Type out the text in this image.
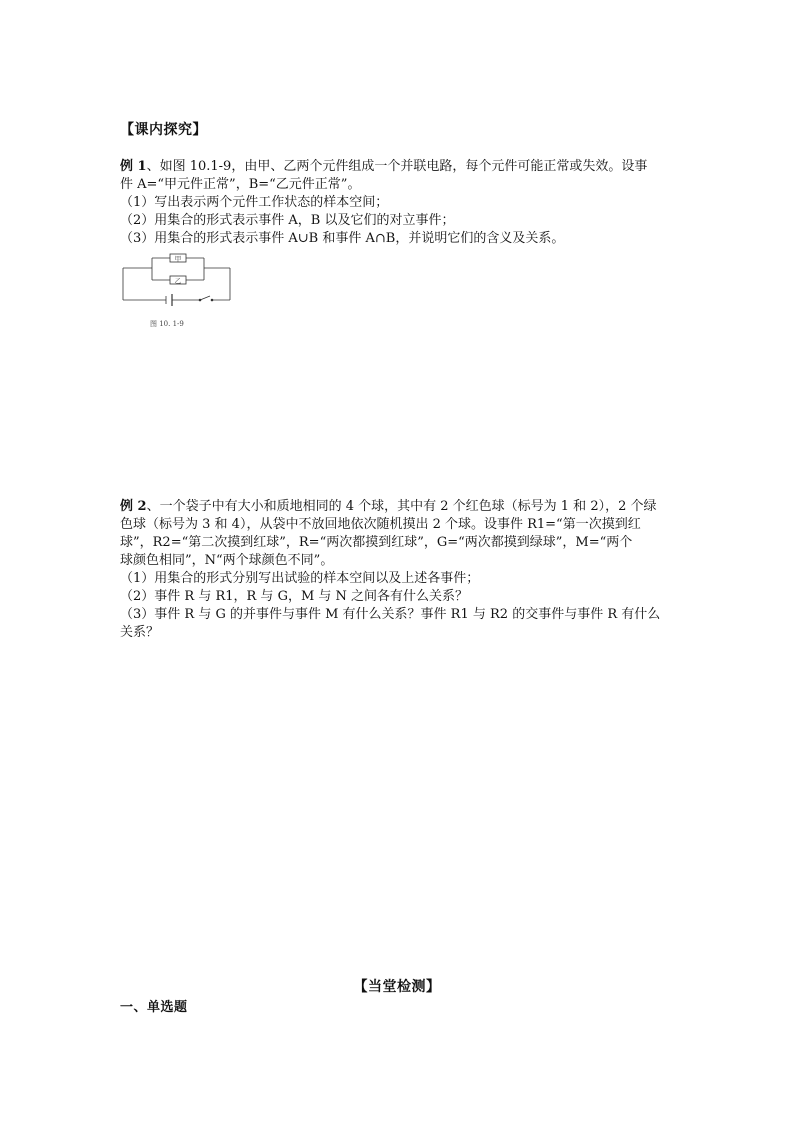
【课内探究】
例 1、如图 10.1-9，由甲、乙两个元件组成一个并联电路，每个元件可能正常或失效。设事
件 A=“甲元件正常”，B=“乙元件正常”。
（1）写出表示两个元件工作状态的样本空间；
（2）用集合的形式表示事件 A，B 以及它们的对立事件；
（3）用集合的形式表示事件 A∪B 和事件 A∩B，并说明它们的含义及关系。
甲
乙
图 10. 1-9
例 2、一个袋子中有大小和质地相同的 4 个球，其中有 2 个红色球（标号为 1 和 2），2 个绿
色球（标号为 3 和 4），从袋中不放回地依次随机摸出 2 个球。设事件 R1=“第一次摸到红
球”，R2=“第二次摸到红球”，R=“两次都摸到红球”，G=“两次都摸到绿球”，M=“两个
球颜色相同”，N“两个球颜色不同”。
（1）用集合的形式分别写出试验的样本空间以及上述各事件；
（2）事件 R 与 R1，R 与 G，M 与 N 之间各有什么关系？
（3）事件 R 与 G 的并事件与事件 M 有什么关系？事件 R1 与 R2 的交事件与事件 R 有什么
关系？
【当堂检测】
一、单选题
